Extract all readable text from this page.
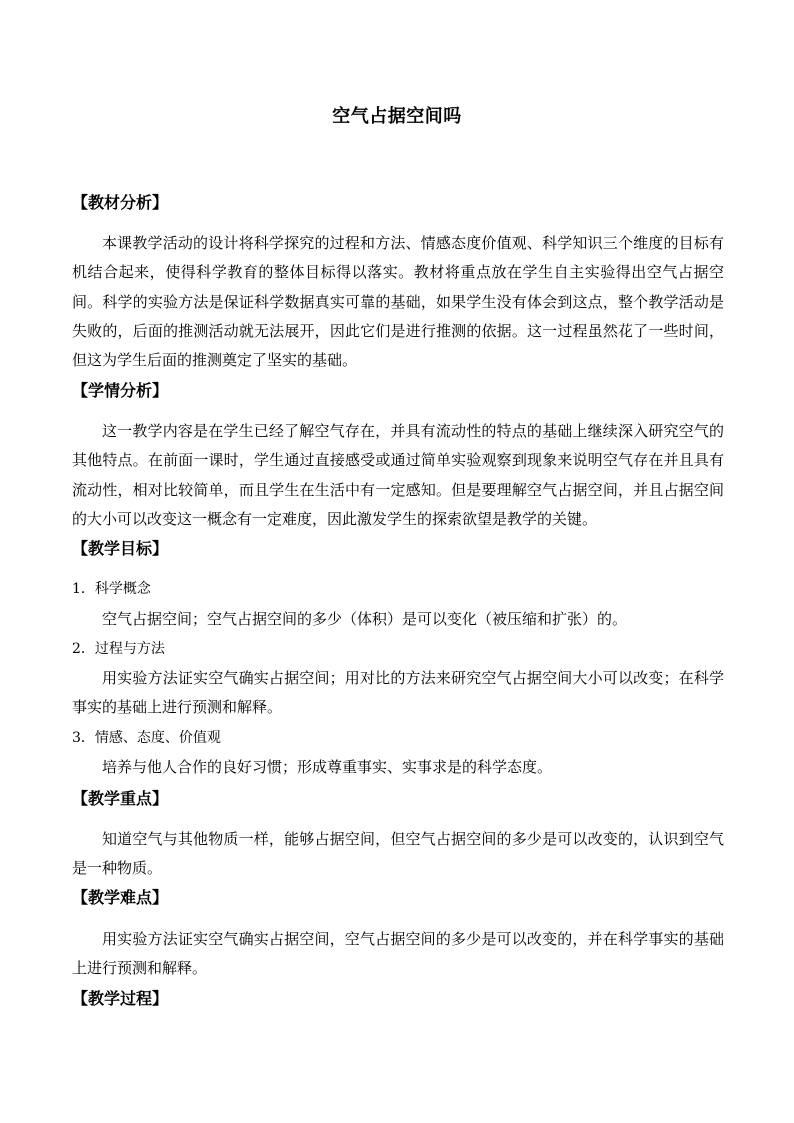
空气占据空间吗
【教材分析】
本课教学活动的设计将科学探究的过程和方法、情感态度价值观、科学知识三个维度的目标有机结合起来，使得科学教育的整体目标得以落实。教材将重点放在学生自主实验得出空气占据空间。科学的实验方法是保证科学数据真实可靠的基础，如果学生没有体会到这点，整个教学活动是失败的，后面的推测活动就无法展开，因此它们是进行推测的依据。这一过程虽然花了一些时间，但这为学生后面的推测奠定了坚实的基础。
【学情分析】
这一教学内容是在学生已经了解空气存在，并具有流动性的特点的基础上继续深入研究空气的其他特点。在前面一课时，学生通过直接感受或通过简单实验观察到现象来说明空气存在并且具有流动性，相对比较简单，而且学生在生活中有一定感知。但是要理解空气占据空间，并且占据空间的大小可以改变这一概念有一定难度，因此激发学生的探索欲望是教学的关键。
【教学目标】
1．科学概念
空气占据空间；空气占据空间的多少（体积）是可以变化（被压缩和扩张）的。
2．过程与方法
用实验方法证实空气确实占据空间；用对比的方法来研究空气占据空间大小可以改变；在科学事实的基础上进行预测和解释。
3．情感、态度、价值观
培养与他人合作的良好习惯；形成尊重事实、实事求是的科学态度。
【教学重点】
知道空气与其他物质一样，能够占据空间，但空气占据空间的多少是可以改变的，认识到空气是一种物质。
【教学难点】
用实验方法证实空气确实占据空间，空气占据空间的多少是可以改变的，并在科学事实的基础上进行预测和解释。
【教学过程】
